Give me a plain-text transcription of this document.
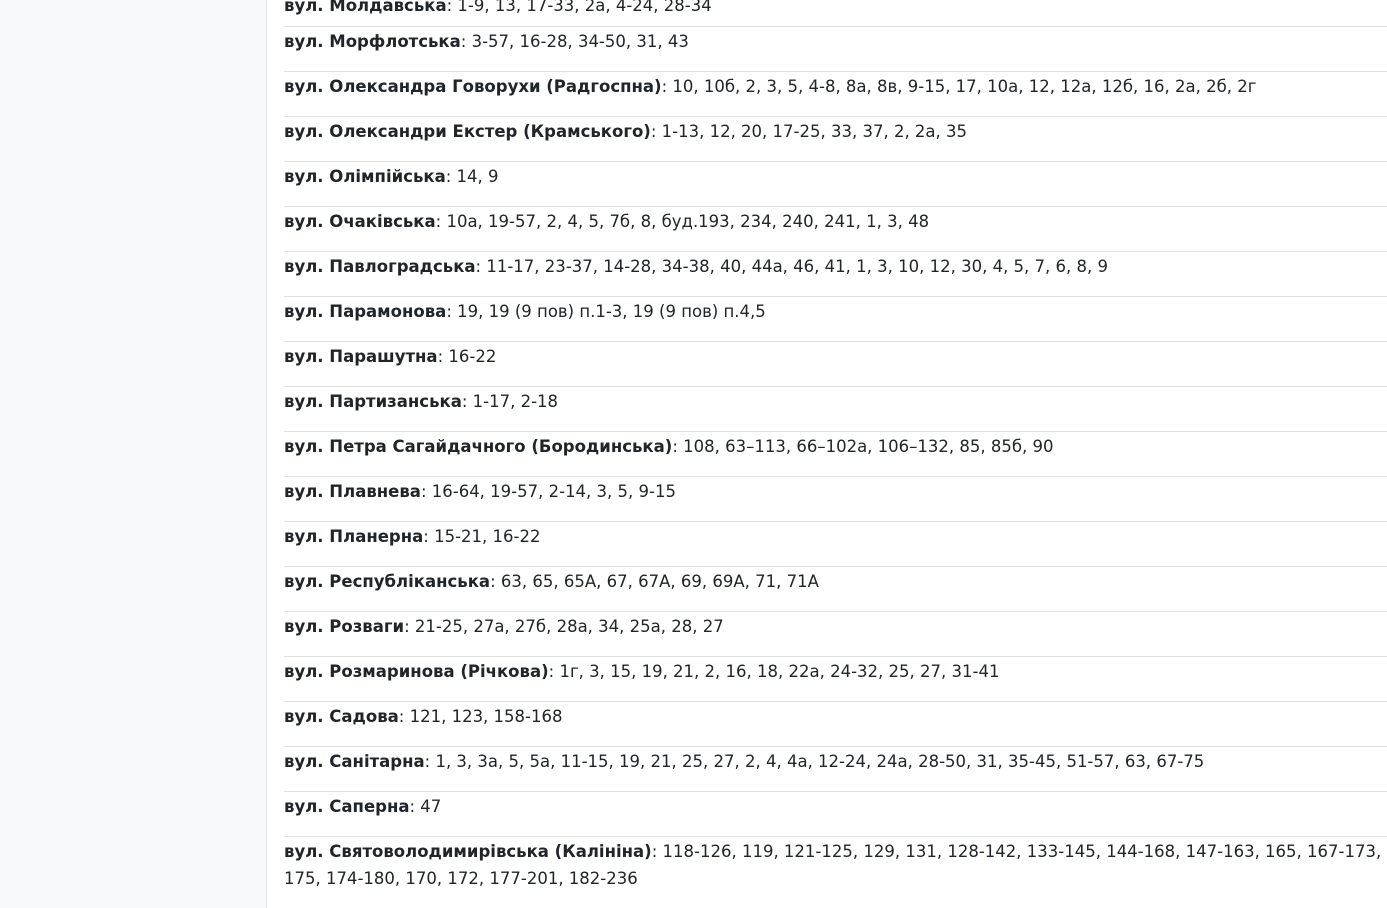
вул. Молдавська: 1-9, 13, 17-33, 2а, 4-24, 28-34
вул. Морфлотська: 3-57, 16-28, 34-50, 31, 43
вул. Олександра Говорухи (Радгоспна): 10, 10б, 2, 3, 5, 4-8, 8а, 8в, 9-15, 17, 10а, 12, 12а, 12б, 16, 2а, 2б, 2г
вул. Олександри Екстер (Крамського): 1-13, 12, 20, 17-25, 33, 37, 2, 2а, 35
вул. Олімпійська: 14, 9
вул. Очаківська: 10а, 19-57, 2, 4, 5, 7б, 8, буд.193, 234, 240, 241, 1, 3, 48
вул. Павлоградська: 11-17, 23-37, 14-28, 34-38, 40, 44а, 46, 41, 1, 3, 10, 12, 30, 4, 5, 7, 6, 8, 9
вул. Парамонова: 19, 19 (9 пов) п.1-3, 19 (9 пов) п.4,5
вул. Парашутна: 16-22
вул. Партизанська: 1-17, 2-18
вул. Петра Сагайдачного (Бородинська): 108, 63–113, 66–102а, 106–132, 85, 85б, 90
вул. Плавнева: 16-64, 19-57, 2-14, 3, 5, 9-15
вул. Планерна: 15-21, 16-22
вул. Республіканська: 63, 65, 65А, 67, 67А, 69, 69А, 71, 71А
вул. Розваги: 21-25, 27а, 27б, 28а, 34, 25а, 28, 27
вул. Розмаринова (Річкова): 1г, 3, 15, 19, 21, 2, 16, 18, 22а, 24-32, 25, 27, 31-41
вул. Садова: 121, 123, 158-168
вул. Санітарна: 1, 3, 3а, 5, 5а, 11-15, 19, 21, 25, 27, 2, 4, 4а, 12-24, 24а, 28-50, 31, 35-45, 51-57, 63, 67-75
вул. Саперна: 47
вул. Святоволодимирівська (Калініна): 118-126, 119, 121-125, 129, 131, 128-142, 133-145, 144-168, 147-163, 165, 167-173, 175, 174-180, 170, 172, 177-201, 182-236
